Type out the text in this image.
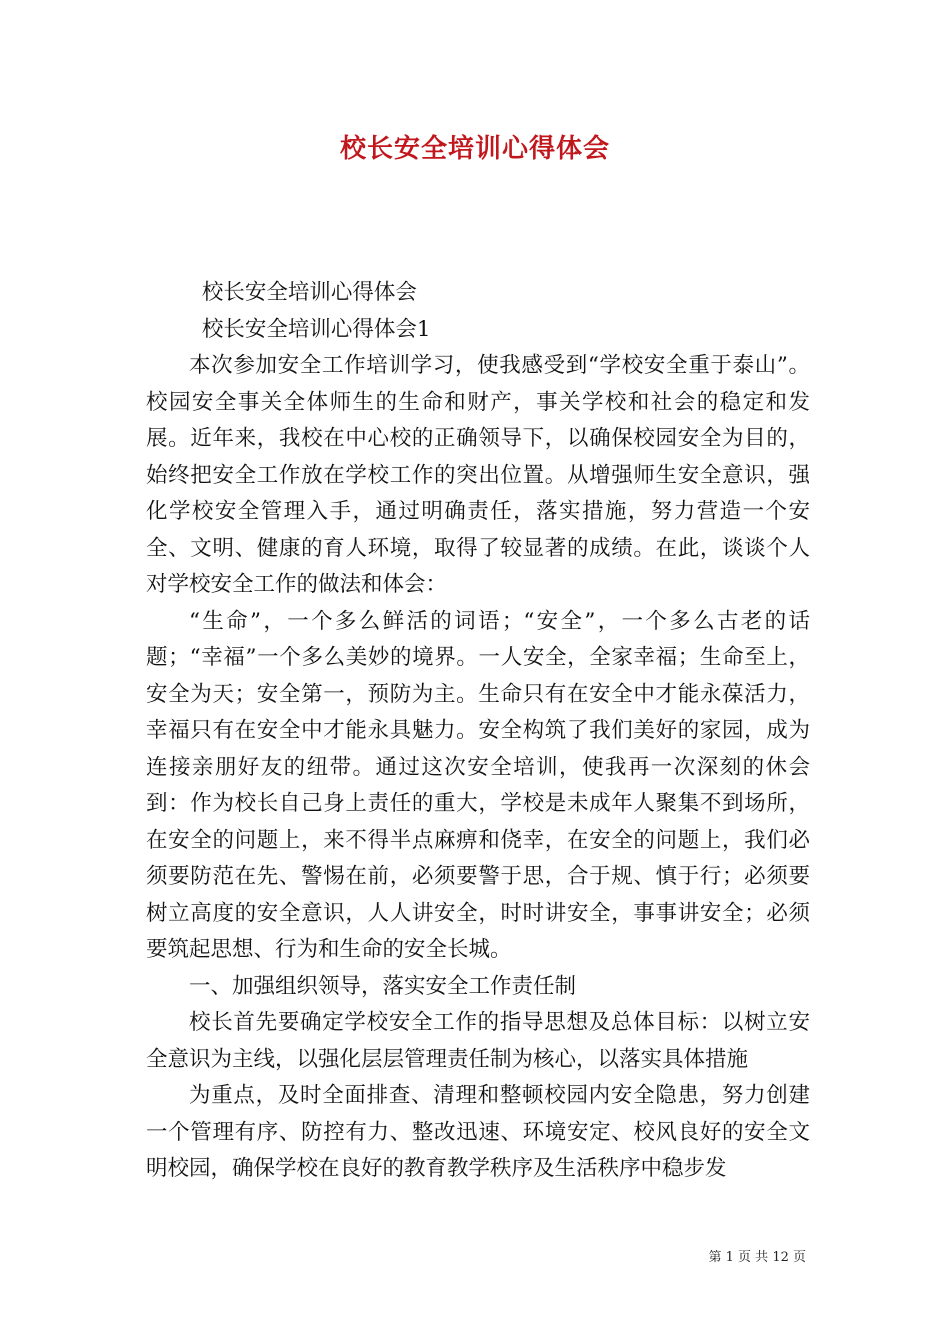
校长安全培训心得体会

校长安全培训心得体会

校长安全培训心得体会1

本次参加安全工作培训学习，使我感受到“学校安全重于泰山”。校园安全事关全体师生的生命和财产，事关学校和社会的稳定和发展。近年来，我校在中心校的正确领导下，以确保校园安全为目的，始终把安全工作放在学校工作的突出位置。从增强师生安全意识，强化学校安全管理入手，通过明确责任，落实措施，努力营造一个安全、文明、健康的育人环境，取得了较显著的成绩。在此，谈谈个人对学校安全工作的做法和体会：

“生命”，一个多么鲜活的词语；“安全”，一个多么古老的话题；“幸福”一个多么美妙的境界。一人安全，全家幸福；生命至上，安全为天；安全第一，预防为主。生命只有在安全中才能永葆活力，幸福只有在安全中才能永具魅力。安全构筑了我们美好的家园，成为连接亲朋好友的纽带。通过这次安全培训，使我再一次深刻的休会到：作为校长自己身上责任的重大，学校是未成年人聚集不到场所，在安全的问题上，来不得半点麻痹和侥幸，在安全的问题上，我们必须要防范在先、警惕在前，必须要警于思，合于规、慎于行；必须要树立高度的安全意识，人人讲安全，时时讲安全，事事讲安全；必须要筑起思想、行为和生命的安全长城。

一、加强组织领导，落实安全工作责任制

校长首先要确定学校安全工作的指导思想及总体目标：以树立安全意识为主线，以强化层层管理责任制为核心，以落实具体措施

为重点，及时全面排查、清理和整顿校园内安全隐患，努力创建一个管理有序、防控有力、整改迅速、环境安定、校风良好的安全文明校园，确保学校在良好的教育教学秩序及生活秩序中稳步发

第 1 页 共 12 页
